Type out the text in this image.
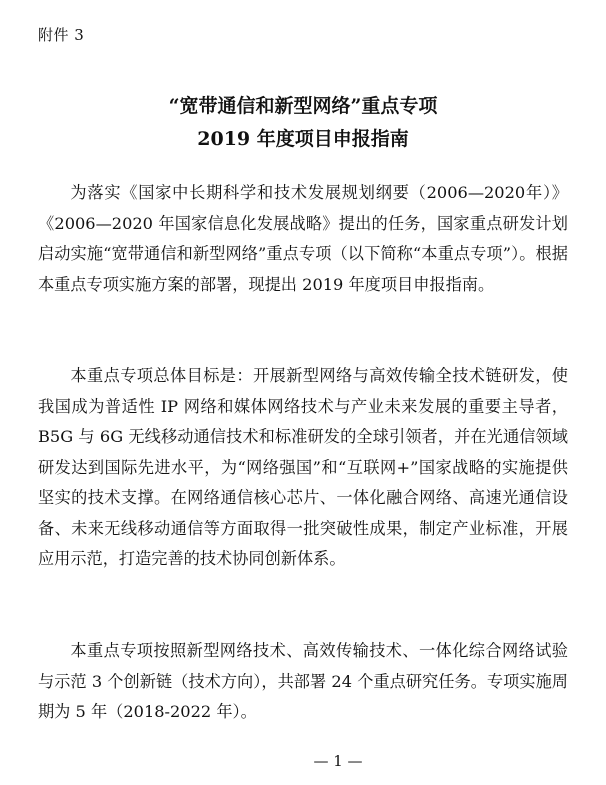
附件 3
“宽带通信和新型网络”重点专项
2019 年度项目申报指南

为落实《国家中长期科学和技术发展规划纲要（2006—2020年）》《2006—2020 年国家信息化发展战略》提出的任务，国家重点研发计划启动实施“宽带通信和新型网络”重点专项（以下简称“本重点专项”）。根据本重点专项实施方案的部署，现提出 2019 年度项目申报指南。

本重点专项总体目标是：开展新型网络与高效传输全技术链研发，使我国成为普适性 IP 网络和媒体网络技术与产业未来发展的重要主导者，B5G 与 6G 无线移动通信技术和标准研发的全球引领者，并在光通信领域研发达到国际先进水平，为“网络强国”和“互联网+”国家战略的实施提供坚实的技术支撑。在网络通信核心芯片、一体化融合网络、高速光通信设备、未来无线移动通信等方面取得一批突破性成果，制定产业标准，开展应用示范，打造完善的技术协同创新体系。

本重点专项按照新型网络技术、高效传输技术、一体化综合网络试验与示范 3 个创新链（技术方向），共部署 24 个重点研究任务。专项实施周期为 5 年（2018-2022 年）。

— 1 —
